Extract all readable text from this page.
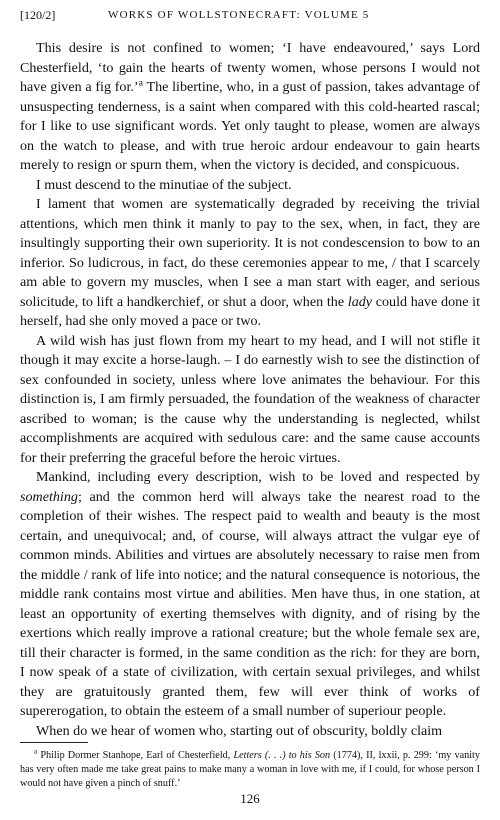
[120/2]	WORKS OF WOLLSTONECRAFT: VOLUME 5

This desire is not confined to women; ‘I have endeavoured,’ says Lord Chesterfield, ‘to gain the hearts of twenty women, whose persons I would not have given a fig for.’$^a$ The libertine, who, in a gust of passion, takes advantage of unsuspecting tenderness, is a saint when compared with this cold-hearted rascal; for I like to use significant words. Yet only taught to please, women are always on the watch to please, and with true heroic ardour endeavour to gain hearts merely to resign or spurn them, when the victory is decided, and conspicuous.

I must descend to the minutiae of the subject.

I lament that women are systematically degraded by receiving the trivial attentions, which men think it manly to pay to the sex, when, in fact, they are insultingly supporting their own superiority. It is not condescension to bow to an inferior. So ludicrous, in fact, do these ceremonies appear to me, / that I scarcely am able to govern my muscles, when I see a man start with eager, and serious solicitude, to lift a handkerchief, or shut a door, when the lady could have done it herself, had she only moved a pace or two.

A wild wish has just flown from my heart to my head, and I will not stifle it though it may excite a horse-laugh. – I do earnestly wish to see the distinction of sex confounded in society, unless where love animates the behaviour. For this distinction is, I am firmly persuaded, the foundation of the weakness of character ascribed to woman; is the cause why the understanding is neglected, whilst accomplishments are acquired with sedulous care: and the same cause accounts for their preferring the graceful before the heroic virtues.

Mankind, including every description, wish to be loved and respected by something; and the common herd will always take the nearest road to the completion of their wishes. The respect paid to wealth and beauty is the most certain, and unequivocal; and, of course, will always attract the vulgar eye of common minds. Abilities and virtues are absolutely necessary to raise men from the middle / rank of life into notice; and the natural consequence is notorious, the middle rank contains most virtue and abilities. Men have thus, in one station, at least an opportunity of exerting themselves with dignity, and of rising by the exertions which really improve a rational creature; but the whole female sex are, till their character is formed, in the same condition as the rich: for they are born, I now speak of a state of civilization, with certain sexual privileges, and whilst they are gratuitously granted them, few will ever think of works of supererogation, to obtain the esteem of a small number of superiour people.

When do we hear of women who, starting out of obscurity, boldly claim

$^a$ Philip Dormer Stanhope, Earl of Chesterfield, Letters (. . .) to his Son (1774), II, lxxii, p. 299: ‘my vanity has very often made me take great pains to make many a woman in love with me, if I could, for whose person I would not have given a pinch of snuff.’

126
